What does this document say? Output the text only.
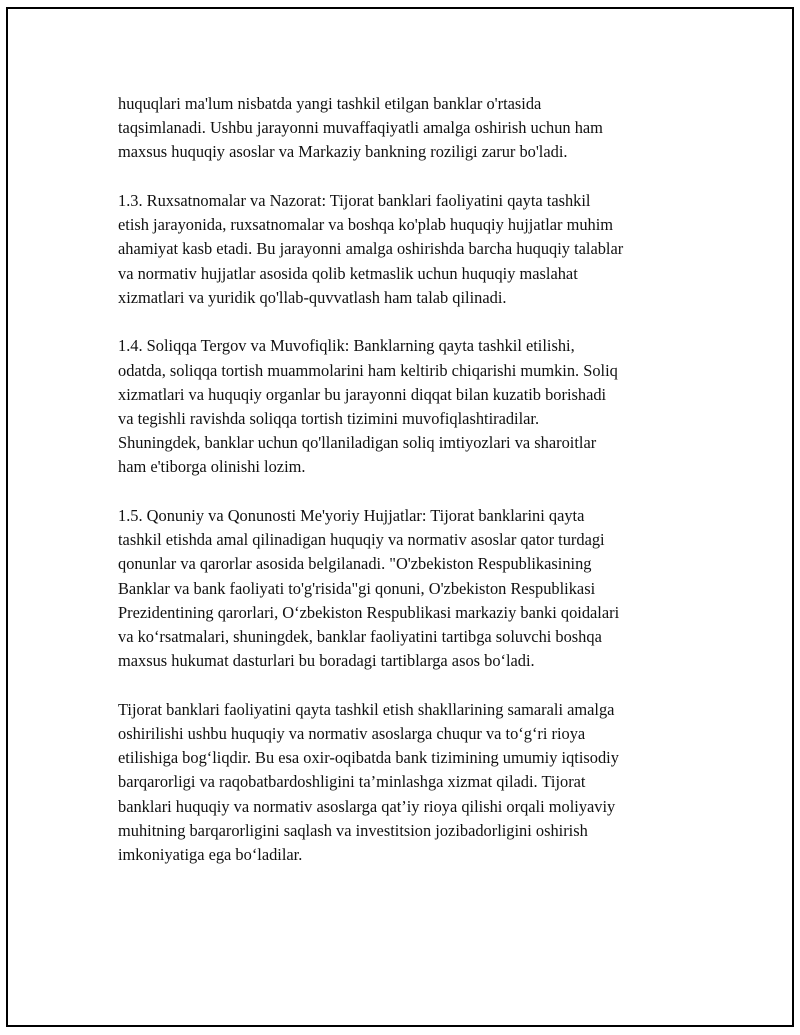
huquqlari ma'lum nisbatda yangi tashkil etilgan banklar o'rtasida
taqsimlanadi. Ushbu jarayonni muvaffaqiyatli amalga oshirish uchun ham
maxsus huquqiy asoslar va Markaziy bankning roziligi zarur bo'ladi.

1.3. Ruxsatnomalar va Nazorat: Tijorat banklari faoliyatini qayta tashkil
etish jarayonida, ruxsatnomalar va boshqa ko'plab huquqiy hujjatlar muhim
ahamiyat kasb etadi. Bu jarayonni amalga oshirishda barcha huquqiy talablar
va normativ hujjatlar asosida qolib ketmaslik uchun huquqiy maslahat
xizmatlari va yuridik qo'llab-quvvatlash ham talab qilinadi.

1.4. Soliqqa Tergov va Muvofiqlik: Banklarning qayta tashkil etilishi,
odatda, soliqqa tortish muammolarini ham keltirib chiqarishi mumkin. Soliq
xizmatlari va huquqiy organlar bu jarayonni diqqat bilan kuzatib borishadi
va tegishli ravishda soliqqa tortish tizimini muvofiqlashtiradilar.
Shuningdek, banklar uchun qo'llaniladigan soliq imtiyozlari va sharoitlar
ham e'tiborga olinishi lozim.

1.5. Qonuniy va Qonunosti Me'yoriy Hujjatlar: Tijorat banklarini qayta
tashkil etishda amal qilinadigan huquqiy va normativ asoslar qator turdagi
qonunlar va qarorlar asosida belgilanadi. "O'zbekiston Respublikasining
Banklar va bank faoliyati to'g'risida"gi qonuni, O'zbekiston Respublikasi
Prezidentining qarorlari, O‘zbekiston Respublikasi markaziy banki qoidalari
va ko‘rsatmalari, shuningdek, banklar faoliyatini tartibga soluvchi boshqa
maxsus hukumat dasturlari bu boradagi tartiblarga asos bo‘ladi.

Tijorat banklari faoliyatini qayta tashkil etish shakllarining samarali amalga
oshirilishi ushbu huquqiy va normativ asoslarga chuqur va to‘g‘ri rioya
etilishiga bog‘liqdir. Bu esa oxir-oqibatda bank tizimining umumiy iqtisodiy
barqarorligi va raqobatbardoshligini ta’minlashga xizmat qiladi. Tijorat
banklari huquqiy va normativ asoslarga qat’iy rioya qilishi orqali moliyaviy
muhitning barqarorligini saqlash va investitsion jozibadorligini oshirish
imkoniyatiga ega bo‘ladilar.
